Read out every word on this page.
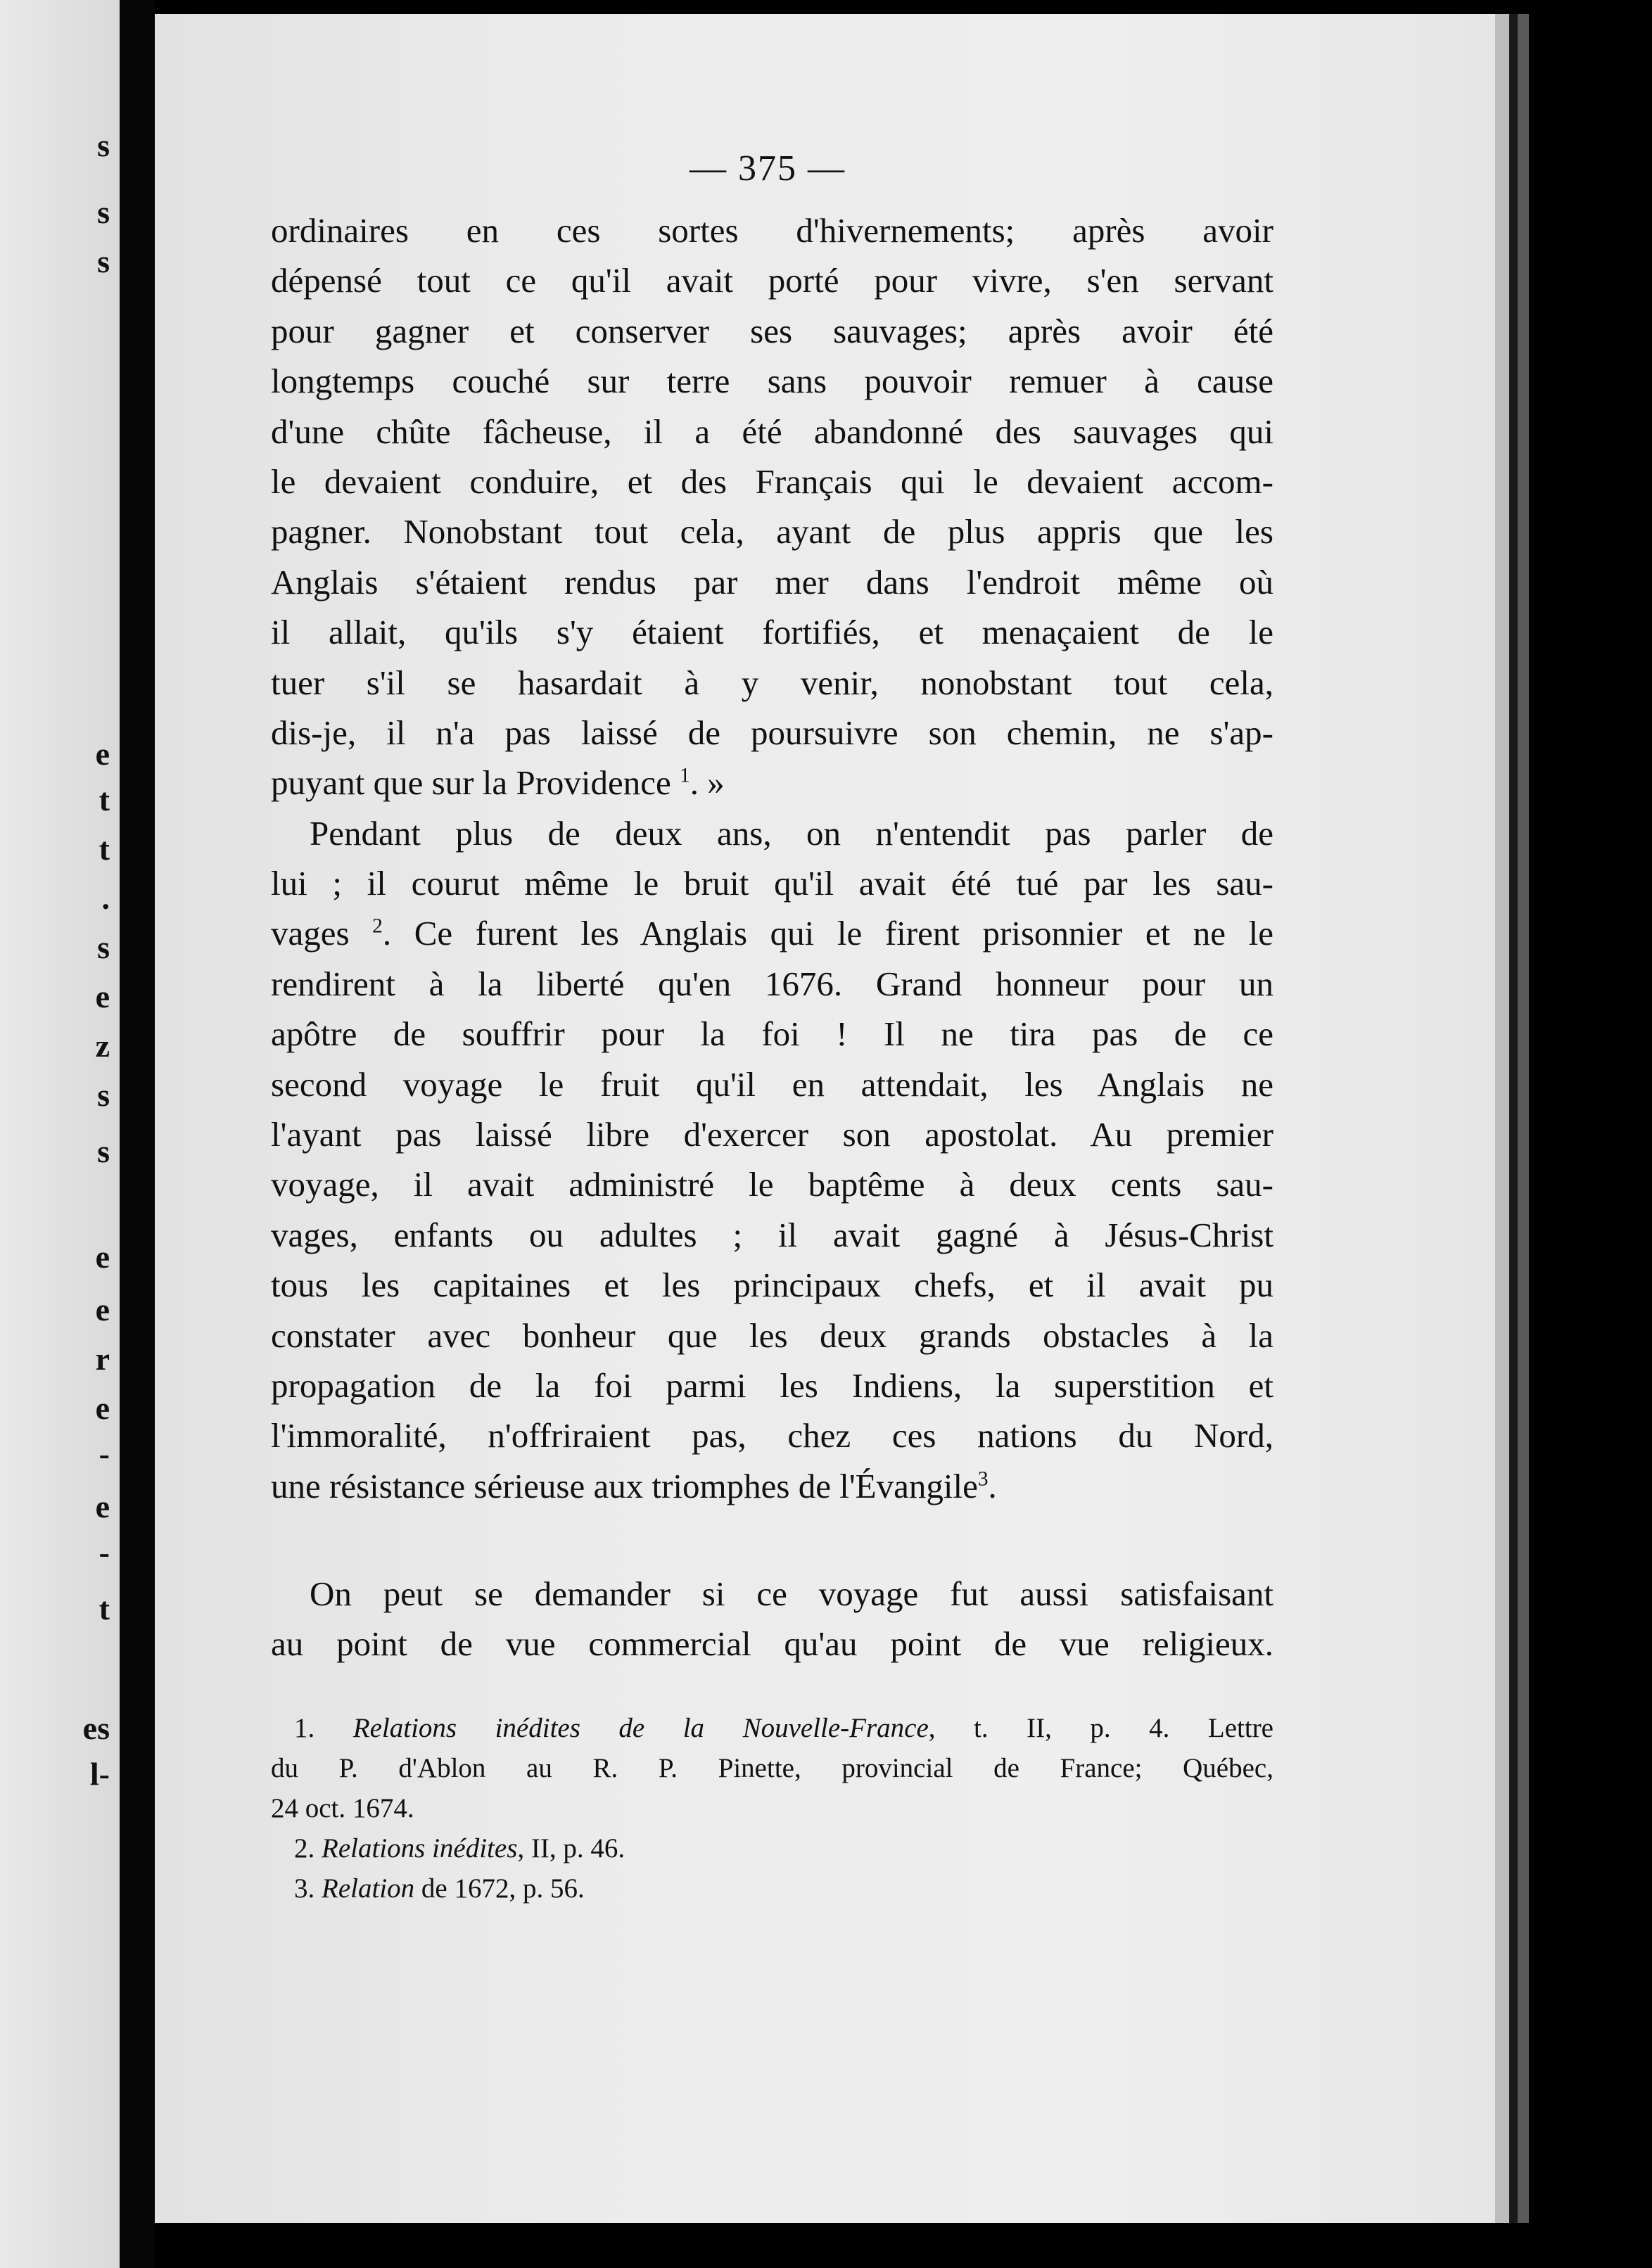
s
s
s
e
t
t
.
s
e
z
s
s
e
e
r
e
-
e
-
t
es
l-
— 375 —
ordinaires en ces sortes d'hivernements; après avoir
dépensé tout ce qu'il avait porté pour vivre, s'en servant
pour gagner et conserver ses sauvages; après avoir été
longtemps couché sur terre sans pouvoir remuer à cause
d'une chûte fâcheuse, il a été abandonné des sauvages qui
le devaient conduire, et des Français qui le devaient accom-
pagner. Nonobstant tout cela, ayant de plus appris que les
Anglais s'étaient rendus par mer dans l'endroit même où
il allait, qu'ils s'y étaient fortifiés, et menaçaient de le
tuer s'il se hasardait à y venir, nonobstant tout cela,
dis-je, il n'a pas laissé de poursuivre son chemin, ne s'ap-
puyant que sur la Providence $^1$. »
Pendant plus de deux ans, on n'entendit pas parler de
lui ; il courut même le bruit qu'il avait été tué par les sau-
vages $^2$. Ce furent les Anglais qui le firent prisonnier et ne le
rendirent à la liberté qu'en 1676. Grand honneur pour un
apôtre de souffrir pour la foi ! Il ne tira pas de ce
second voyage le fruit qu'il en attendait, les Anglais ne
l'ayant pas laissé libre d'exercer son apostolat. Au premier
voyage, il avait administré le baptême à deux cents sau-
vages, enfants ou adultes ; il avait gagné à Jésus-Christ
tous les capitaines et les principaux chefs, et il avait pu
constater avec bonheur que les deux grands obstacles à la
propagation de la foi parmi les Indiens, la superstition et
l'immoralité, n'offriraient pas, chez ces nations du Nord,
une résistance sérieuse aux triomphes de l'Évangile$^3$.
On peut se demander si ce voyage fut aussi satisfaisant
au point de vue commercial qu'au point de vue religieux.
1. Relations inédites de la Nouvelle-France, t. II, p. 4. Lettre
du P. d'Ablon au R. P. Pinette, provincial de France; Québec,
24 oct. 1674.
2. Relations inédites, II, p. 46.
3. Relation de 1672, p. 56.
